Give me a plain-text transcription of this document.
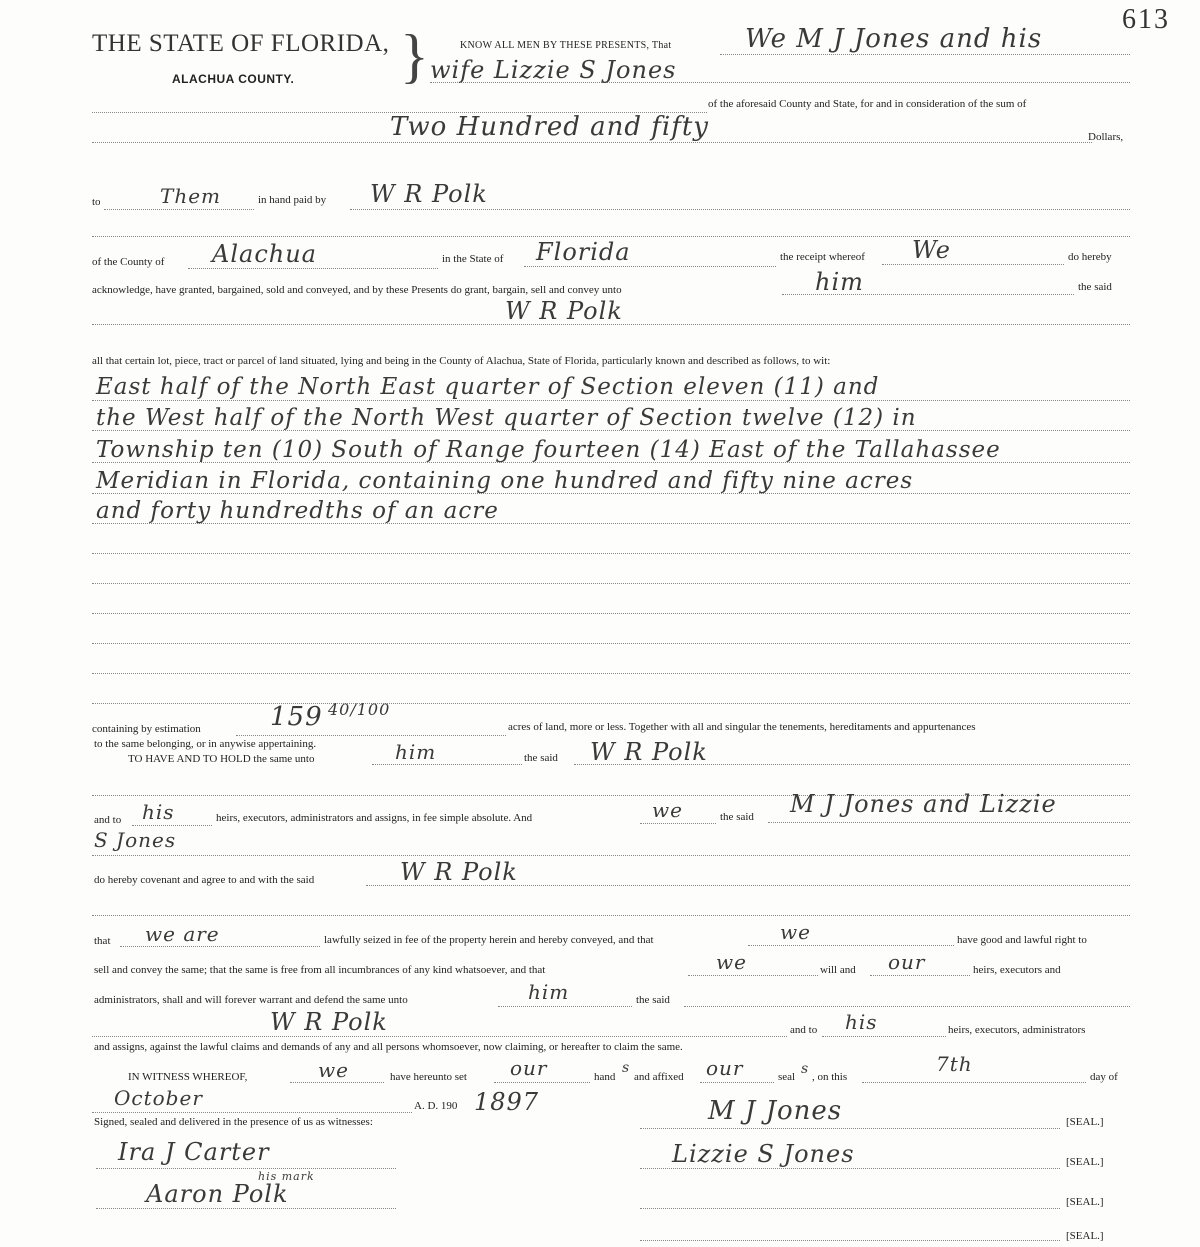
613
THE STATE OF FLORIDA, }
ALACHUA COUNTY.
KNOW ALL MEN BY THESE PRESENTS, That	We M J Jones and his
wife Lizzie S Jones
of the aforesaid County and State, for and in consideration of the sum of
Two Hundred and fifty	Dollars,
to	Them	in hand paid by W R Polk
of the County of Alachua	in the State of Florida	the receipt whereof We	do hereby
acknowledge, have granted, bargained, sold and conveyed, and by these Presents do grant, bargain, sell and convey unto	him	the said
W R Polk
all that certain lot, piece, tract or parcel of land situated, lying and being in the County of Alachua, State of Florida, particularly known and described as follows, to wit:
East half of the North East quarter of Section eleven (11) and
the West half of the North West quarter of Section twelve (12) in
Township ten (10) South of Range fourteen (14) East of the Tallahassee
Meridian in Florida, containing one hundred and fifty nine acres
and forty hundredths of an acre
containing by estimation	159 40/100
acres of land, more or less. Together with all and singular the tenements, hereditaments and appurtenances
to the same belonging, or in anywise appertaining.
TO HAVE AND TO HOLD the same unto	him	the said W R Polk
and to his	heirs, executors, administrators and assigns, in fee simple absolute. And	we	the said M J Jones and Lizzie
S Jones
do hereby covenant and agree to and with the said	W R Polk
that we are	lawfully seized in fee of the property herein and hereby conveyed, and that	we	have good and lawful right to
sell and convey the same; that the same is free from all incumbrances of any kind whatsoever, and that	we	will and our	heirs, executors and
administrators, shall and will forever warrant and defend the same unto	him	the said
W R Polk	and to his	heirs, executors, administrators
and assigns, against the lawful claims and demands of any and all persons whomsoever, now claiming, or hereafter to claim the same.
IN WITNESS WHEREOF,	we	have hereunto set our	hand
s
and affixed our	seal s , on this
7th
day of
October	A. D. 190 1897
Signed, sealed and delivered in the presence of us as witnesses:	M J Jones	[SEAL.]
Ira J Carter	Lizzie S Jones	[SEAL.]
Aaron Polk
his mark
[SEAL.]
[SEAL.]
